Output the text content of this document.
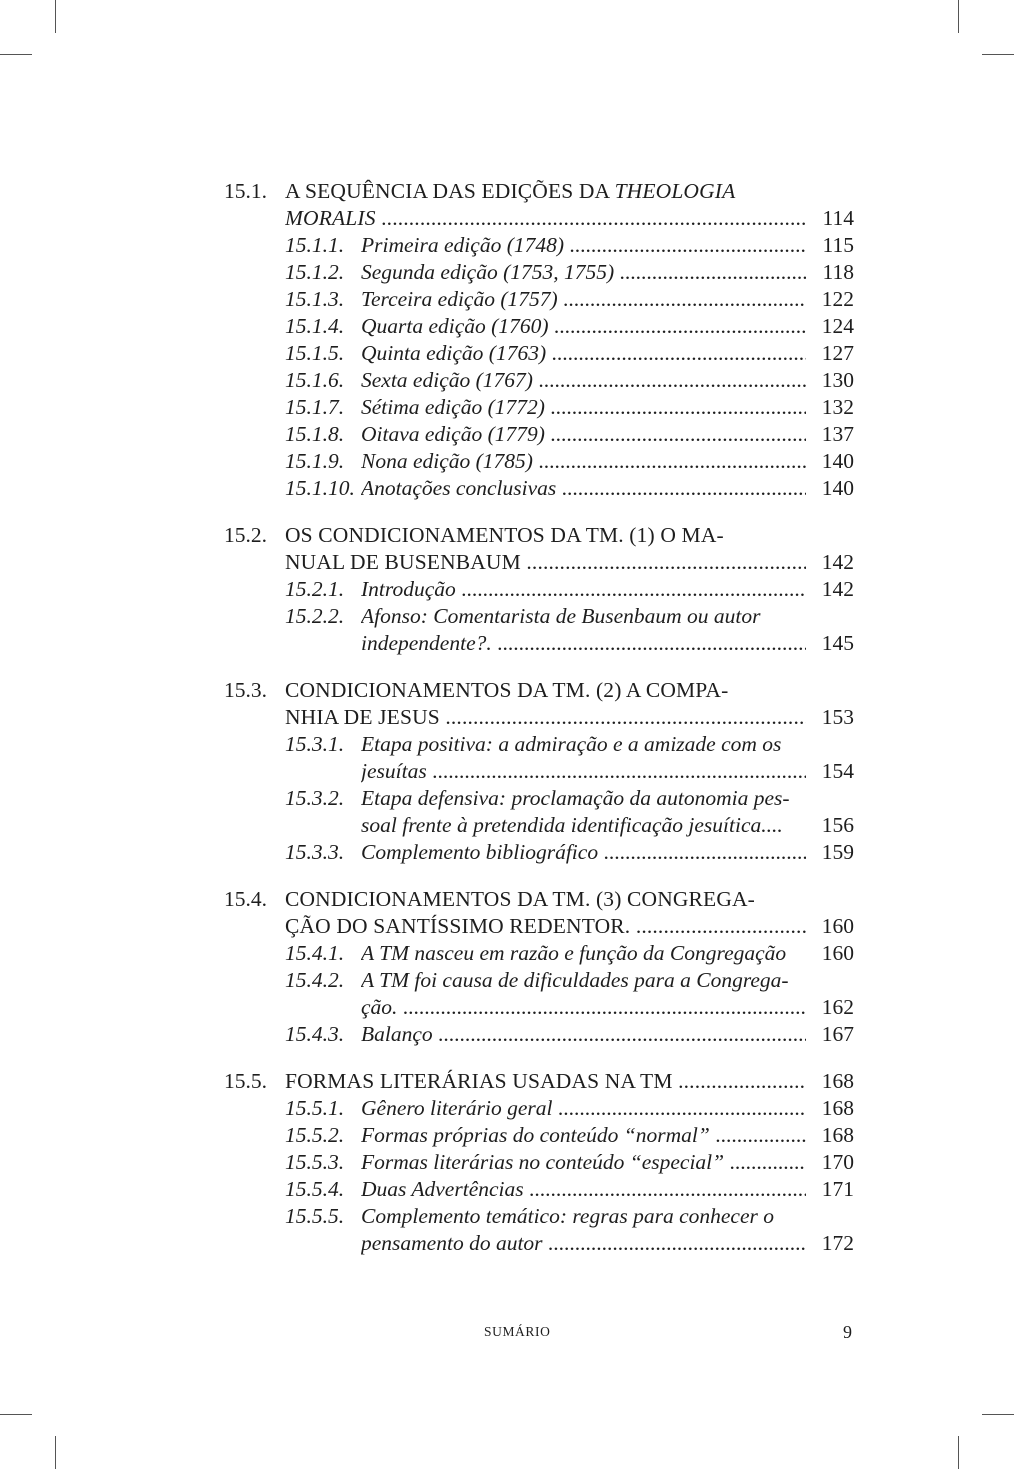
15.1. A SEQUÊNCIA DAS EDIÇÕES DA THEOLOGIA
MORALIS .....	114
15.1.1. Primeira edição (1748) .....	115
15.1.2. Segunda edição (1753, 1755) .....	118
15.1.3. Terceira edição (1757) .....	122
15.1.4. Quarta edição (1760) .....	124
15.1.5. Quinta edição (1763) .....	127
15.1.6. Sexta edição (1767) .....	130
15.1.7. Sétima edição (1772) .....	132
15.1.8. Oitava edição (1779) .....	137
15.1.9. Nona edição (1785) .....	140
15.1.10. Anotações conclusivas .....	140
15.2. OS CONDICIONAMENTOS DA TM. (1) O MA-
NUAL DE BUSENBAUM .....	142
15.2.1. Introdução .....	142
15.2.2. Afonso: Comentarista de Busenbaum ou autor
independente?. .....	145
15.3. CONDICIONAMENTOS DA TM. (2) A COMPA-
NHIA DE JESUS .....	153
15.3.1. Etapa positiva: a admiração e a amizade com os
jesuítas .....	154
15.3.2. Etapa defensiva: proclamação da autonomia pes-
soal frente à pretendida identificação jesuítica....	156
15.3.3. Complemento bibliográfico .....	159
15.4. CONDICIONAMENTOS DA TM. (3) CONGREGA-
ÇÃO DO SANTÍSSIMO REDENTOR. .....	160
15.4.1. A TM nasceu em razão e função da Congregação	160
15.4.2. A TM foi causa de dificuldades para a Congrega-
ção. .....	162
15.4.3. Balanço .....	167
15.5. FORMAS LITERÁRIAS USADAS NA TM .....	168
15.5.1. Gênero literário geral .....	168
15.5.2. Formas próprias do conteúdo “normal” .....	168
15.5.3. Formas literárias no conteúdo “especial” .....	170
15.5.4. Duas Advertências .....	171
15.5.5. Complemento temático: regras para conhecer o
pensamento do autor .....	172
SUMÁRIO	9
